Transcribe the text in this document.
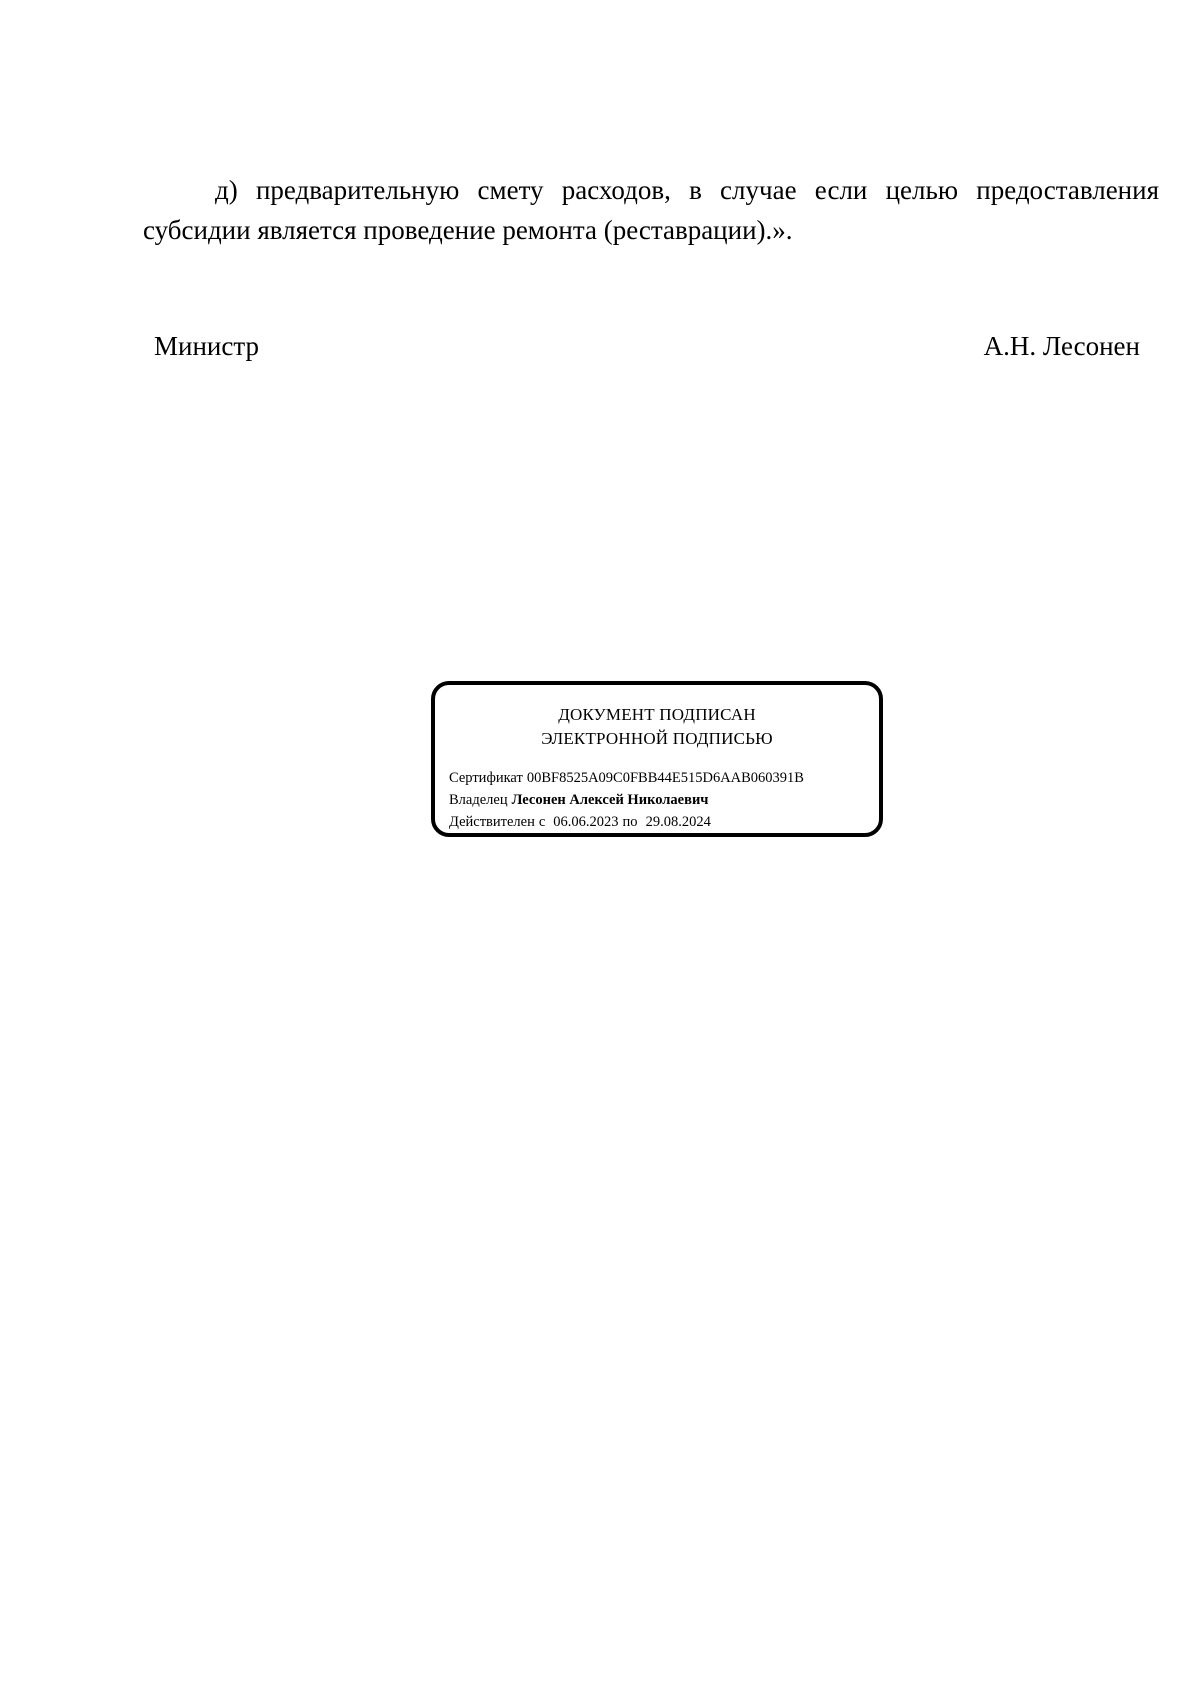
д) предварительную смету расходов, в случае если целью предоставления субсидии является проведение ремонта (реставрации).».

Министр	А.Н. Лесонен
ДОКУМЕНТ ПОДПИСАН
ЭЛЕКТРОННОЙ ПОДПИСЬЮ
Сертификат 00BF8525A09C0FBB44E515D6AAB060391B
Владелец Лесонен Алексей Николаевич
Действителен с 06.06.2023 по 29.08.2024
